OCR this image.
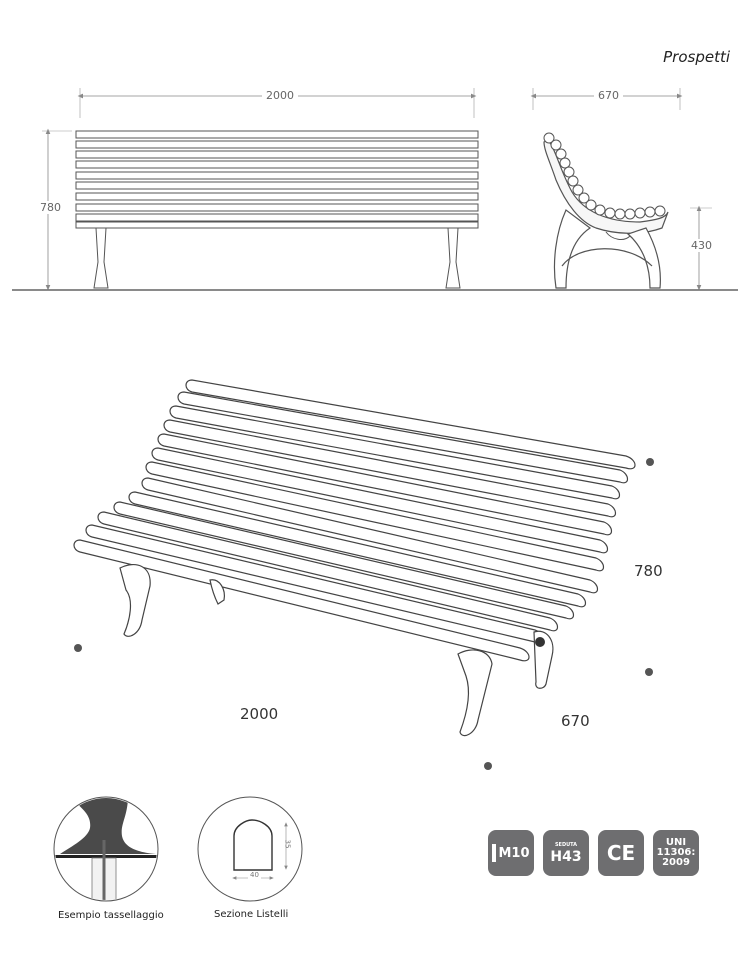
Prospetti
2000
780
670
430
780
2000	670
35
40
Esempio tassellaggio	Sezione Listelli
M10
SEDUTA
H43 CE	UNI
11306:
2009
